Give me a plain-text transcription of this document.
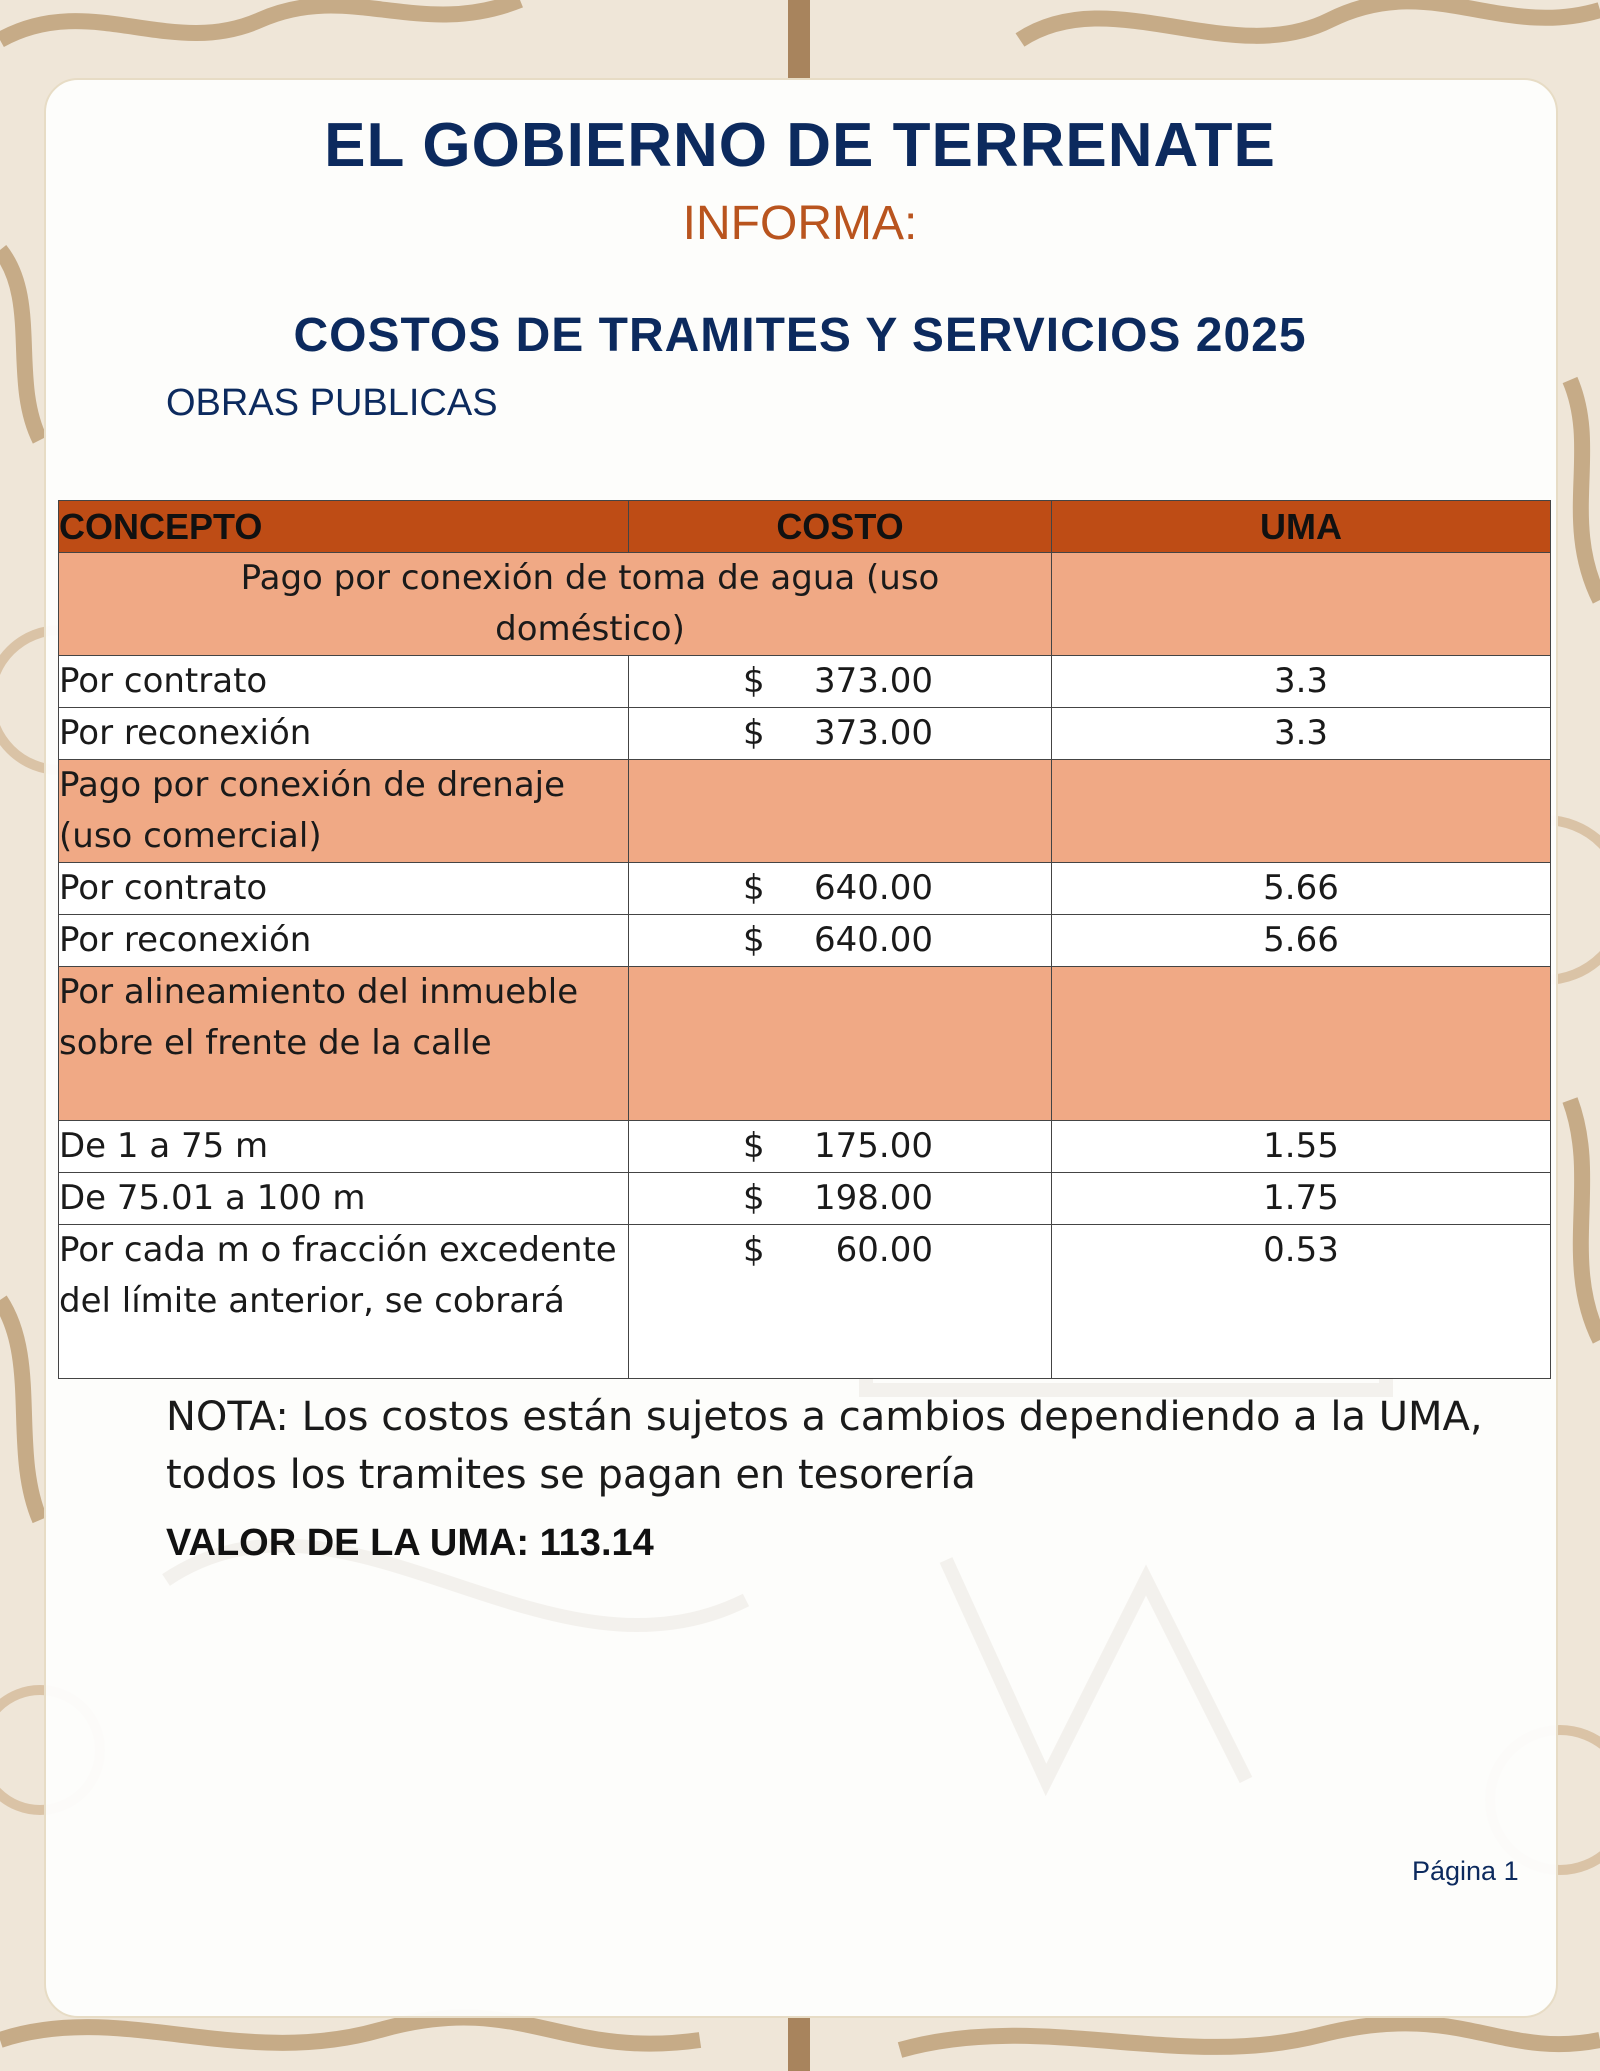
EL GOBIERNO DE TERRENATE
INFORMA:
COSTOS DE TRAMITES Y SERVICIOS 2025
OBRAS PUBLICAS
CONCEPTO	COSTO	UMA

Pago por conexión de toma de agua (uso doméstico)		

Por contrato	$ 373.00	3.3
Por reconexión	$ 373.00	3.3
Pago por conexión de drenaje (uso comercial)		
Por contrato	$ 640.00	5.66
Por reconexión	$ 640.00	5.66
Por alineamiento del inmueble sobre el frente de la calle		
De 1 a 75 m	$ 175.00	1.55
De 75.01 a 100 m	$ 198.00	1.75
Por cada m o fracción excedente del límite anterior, se cobrará	$ 60.00	0.53
NOTA: Los costos están sujetos a cambios dependiendo a la UMA, todos los tramites se pagan en tesorería
VALOR DE LA UMA: 113.14
Página 1
